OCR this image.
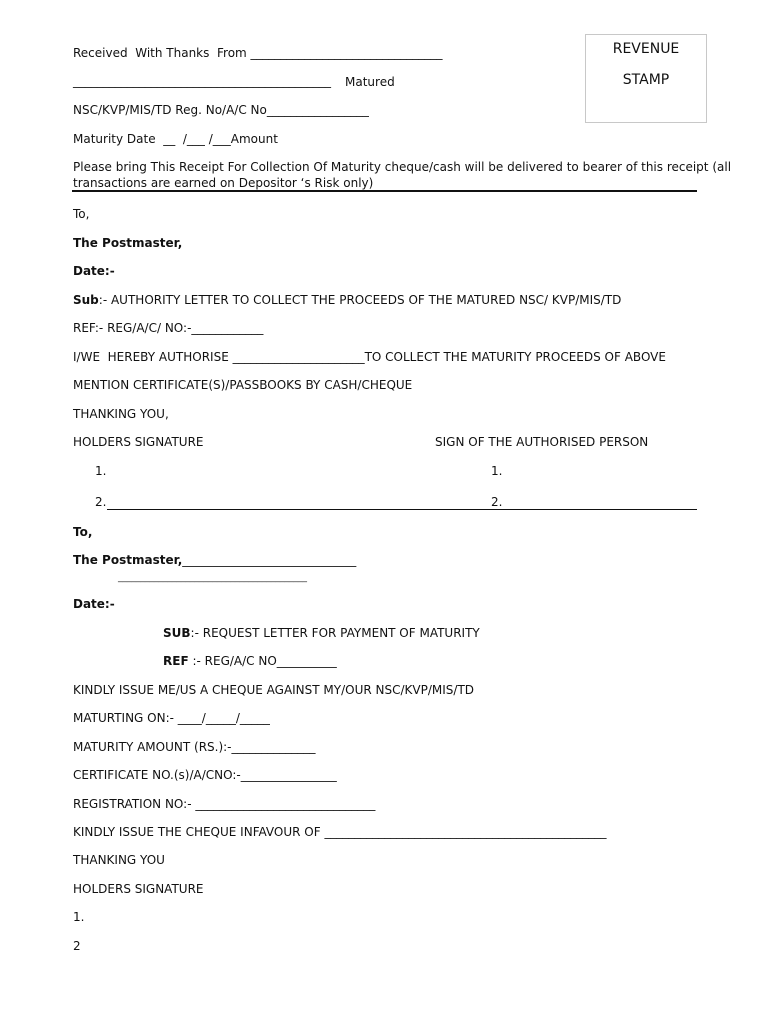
Received  With Thanks  From ________________________________
___________________________________________ Matured
NSC/KVP/MIS/TD Reg. No/A/C No_________________
Maturity Date  __  /___ /___Amount
Please bring This Receipt For Collection Of Maturity cheque/cash will be delivered to bearer of this receipt (all
transactions are earned on Depositor ‘s Risk only)
REVENUE
STAMP
To,
The Postmaster,
Date:-
Sub:- AUTHORITY LETTER TO COLLECT THE PROCEEDS OF THE MATURED NSC/ KVP/MIS/TD
REF:- REG/A/C/ NO:-____________
I/WE  HEREBY AUTHORISE ______________________TO COLLECT THE MATURITY PROCEEDS OF ABOVE
MENTION CERTIFICATE(S)/PASSBOOKS BY CASH/CHEQUE
THANKING YOU,
HOLDERS SIGNATURE	SIGN OF THE AUTHORISED PERSON
1.	1.
2.	2.
To,
The Postmaster,_____________________________
__________________________________________
Date:-
SUB:- REQUEST LETTER FOR PAYMENT OF MATURITY
REF :- REG/A/C NO__________
KINDLY ISSUE ME/US A CHEQUE AGAINST MY/OUR NSC/KVP/MIS/TD
MATURTING ON:- ____/_____/_____
MATURITY AMOUNT (RS.):-______________
CERTIFICATE NO.(s)/A/CNO:-________________
REGISTRATION NO:- ______________________________
KINDLY ISSUE THE CHEQUE INFAVOUR OF _______________________________________________
THANKING YOU
HOLDERS SIGNATURE
1.
2
